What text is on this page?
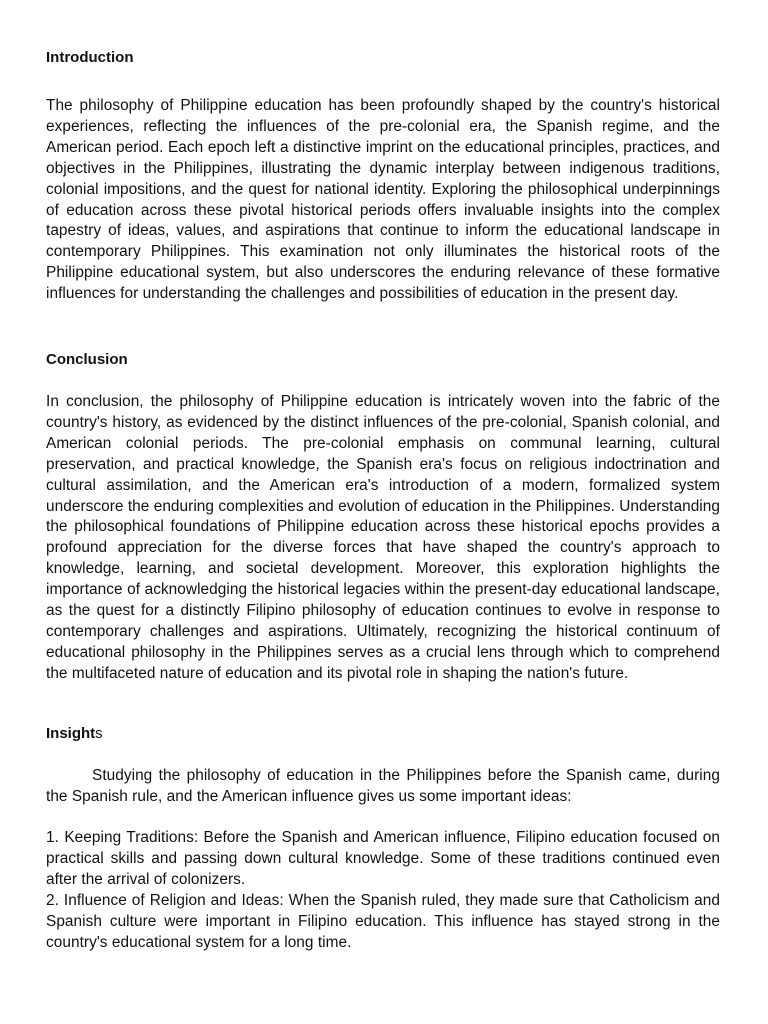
Introduction

The philosophy of Philippine education has been profoundly shaped by the country's historical experiences, reflecting the influences of the pre-colonial era, the Spanish regime, and the American period. Each epoch left a distinctive imprint on the educational principles, practices, and objectives in the Philippines, illustrating the dynamic interplay between indigenous traditions, colonial impositions, and the quest for national identity. Exploring the philosophical underpinnings of education across these pivotal historical periods offers invaluable insights into the complex tapestry of ideas, values, and aspirations that continue to inform the educational landscape in contemporary Philippines. This examination not only illuminates the historical roots of the Philippine educational system, but also underscores the enduring relevance of these formative influences for understanding the challenges and possibilities of education in the present day.

Conclusion

In conclusion, the philosophy of Philippine education is intricately woven into the fabric of the country's history, as evidenced by the distinct influences of the pre-colonial, Spanish colonial, and American colonial periods. The pre-colonial emphasis on communal learning, cultural preservation, and practical knowledge, the Spanish era's focus on religious indoctrination and cultural assimilation, and the American era's introduction of a modern, formalized system underscore the enduring complexities and evolution of education in the Philippines. Understanding the philosophical foundations of Philippine education across these historical epochs provides a profound appreciation for the diverse forces that have shaped the country's approach to knowledge, learning, and societal development. Moreover, this exploration highlights the importance of acknowledging the historical legacies within the present-day educational landscape, as the quest for a distinctly Filipino philosophy of education continues to evolve in response to contemporary challenges and aspirations. Ultimately, recognizing the historical continuum of educational philosophy in the Philippines serves as a crucial lens through which to comprehend the multifaceted nature of education and its pivotal role in shaping the nation's future.

Insights

Studying the philosophy of education in the Philippines before the Spanish came, during the Spanish rule, and the American influence gives us some important ideas:

1. Keeping Traditions: Before the Spanish and American influence, Filipino education focused on practical skills and passing down cultural knowledge. Some of these traditions continued even after the arrival of colonizers.

2. Influence of Religion and Ideas: When the Spanish ruled, they made sure that Catholicism and Spanish culture were important in Filipino education. This influence has stayed strong in the country's educational system for a long time.
